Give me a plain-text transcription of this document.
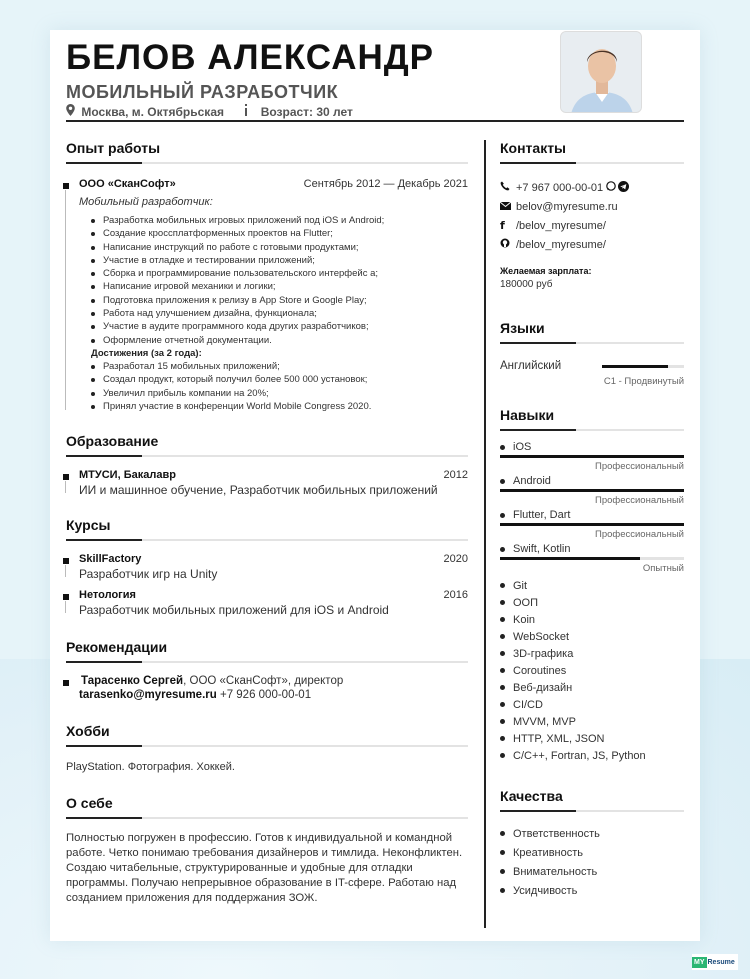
БЕЛОВ АЛЕКСАНДР
МОБИЛЬНЫЙ РАЗРАБОТЧИК
Москва, м. Октябрьская	Возраст: 30 лет
Опыт работы
ООО «СканСофт»	Сентябрь 2012 — Декабрь 2021
Мобильный разработчик:
Разработка мобильных игровых приложений под iOS и Android;
Создание кроссплатформенных проектов на Flutter;
Написание инструкций по работе с готовыми продуктами;
Участие в отладке и тестировании приложений;
Сборка и программирование пользовательского интерфейс а;
Написание игровой механики и логики;
Подготовка приложения к релизу в App Store и Google Play;
Работа над улучшением дизайна, функционала;
Участие в аудите программного кода других разработчиков;
Оформление отчетной документации.
Достижения (за 2 года):
Разработал 15 мобильных приложений;
Создал продукт, который получил более 500 000 установок;
Увеличил прибыль компании на 20%;
Принял участие в конференции World Mobile Congress 2020.
Образование
МТУСИ, Бакалавр	2012
ИИ и машинное обучение, Разработчик мобильных приложений
Курсы
SkillFactory	2020
Разработчик игр на Unity
Нетология	2016
Разработчик мобильных приложений для iOS и Android
Рекомендации
Тарасенко Сергей, ООО «СканСофт», директор
tarasenko@myresume.ru +7 926 000-00-01
Хобби
PlayStation. Фотография. Хоккей.
О себе
Полностью погружен в профессию. Готов к индивидуальной и командной работе. Четко понимаю требования дизайнеров и тимлида. Неконфликтен. Создаю читабельные, структурированные и удобные для отладки программы. Получаю непрерывное образование в IT-сфере. Работаю над созданием приложения для поддержания ЗОЖ.
Контакты
+7 967 000-00-01
belov@myresume.ru
f	/belov_myresume/
/belov_myresume/
Желаемая зарплата:
180000 руб
Языки
Английский
C1 - Продвинутый
Навыки
iOS
Профессиональный
Android
Профессиональный
Flutter, Dart
Профессиональный
Swift, Kotlin
Опытный
Git
ООП
Koin
WebSocket
3D-графика
Coroutines
Веб-дизайн
CI/CD
MVVM, MVP
HTTP, XML, JSON
C/C++, Fortran, JS, Python
Качества
Ответственность
Креативность
Внимательность
Усидчивость
MY Resume
